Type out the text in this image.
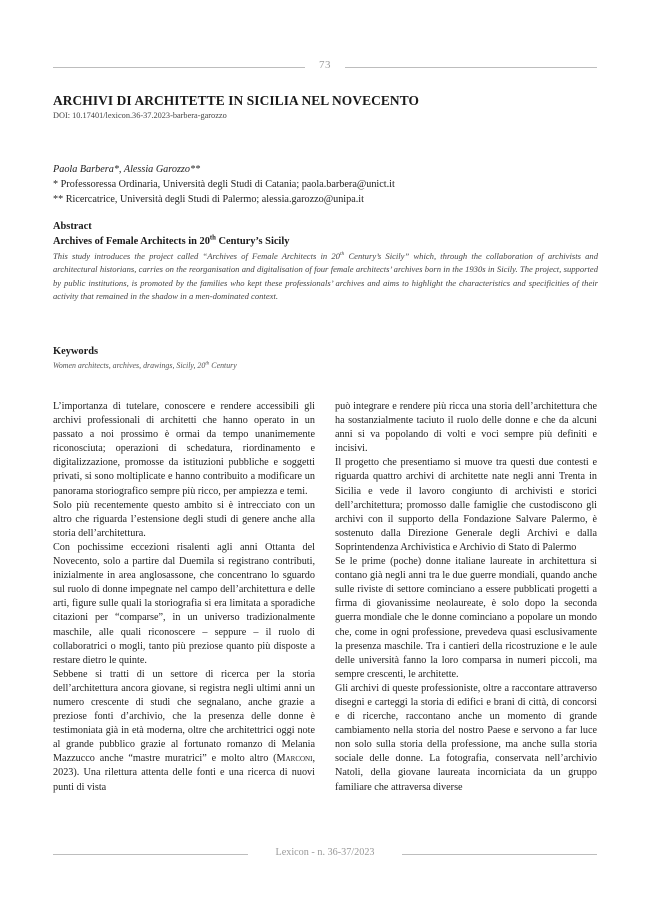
73
ARCHIVI DI ARCHITETTE IN SICILIA NEL NOVECENTO
DOI: 10.17401/lexicon.36-37.2023-barbera-garozzo
Paola Barbera*, Alessia Garozzo**
* Professoressa Ordinaria, Università degli Studi di Catania; paola.barbera@unict.it
** Ricercatrice, Università degli Studi di Palermo; alessia.garozzo@unipa.it
Abstract
Archives of Female Architects in 20th Century’s Sicily
This study introduces the project called “Archives of Female Architects in 20th Century’s Sicily” which, through the collaboration of archivists and architectural historians, carries on the reorganisation and digitalisation of four female architects’ archives born in the 1930s in Sicily. The project, supported by public institutions, is promoted by the families who kept these professionals’ archives and aims to highlight the characteristics and specificities of their activity that remained in the shadow in a men-dominated context.
Keywords
Women architects, archives, drawings, Sicily, 20th Century

L’importanza di tutelare, conoscere e rendere accessibili gli archivi professionali di architetti che hanno operato in un passato a noi prossimo è ormai da tempo unanimemente riconosciuta; operazioni di schedatura, riordinamento e digitalizzazione, promosse da istituzioni pubbliche e soggetti privati, si sono moltiplicate e hanno contribuito a modificare un panorama storiografico sempre più ricco, per ampiezza e temi.

Solo più recentemente questo ambito si è intrecciato con un altro che riguarda l’estensione degli studi di genere anche alla storia dell’architettura.

Con pochissime eccezioni risalenti agli anni Ottanta del Novecento, solo a partire dal Duemila si registrano contributi, inizialmente in area anglosassone, che concentrano lo sguardo sul ruolo di donne impegnate nel campo dell’architettura e delle arti, figure sulle quali la storiografia si era limitata a sporadiche citazioni per “comparse”, in un universo tradizionalmente maschile, alle quali riconoscere – seppure – il ruolo di collaboratrici o mogli, tanto più preziose quanto più disposte a restare dietro le quinte.

Sebbene si tratti di un settore di ricerca per la storia dell’architettura ancora giovane, si registra negli ultimi anni un numero crescente di studi che segnalano, anche grazie a preziose fonti d’archivio, che la presenza delle donne è testimoniata già in età moderna, oltre che architettrici oggi note al grande pubblico grazie al fortunato romanzo di Melania Mazzucco anche “mastre muratrici” e molto altro (Marconi, 2023). Una rilettura attenta delle fonti e una ricerca di nuovi punti di vista

può integrare e rendere più ricca una storia dell’architettura che ha sostanzialmente taciuto il ruolo delle donne e che da alcuni anni si va popolando di volti e voci sempre più definiti e incisivi.

Il progetto che presentiamo si muove tra questi due contesti e riguarda quattro archivi di architette nate negli anni Trenta in Sicilia e vede il lavoro congiunto di archivisti e storici dell’architettura; promosso dalle famiglie che custodiscono gli archivi con il supporto della Fondazione Salvare Palermo, è sostenuto dalla Direzione Generale degli Archivi e dalla Soprintendenza Archivistica e Archivio di Stato di Palermo

Se le prime (poche) donne italiane laureate in architettura si contano già negli anni tra le due guerre mondiali, quando anche sulle riviste di settore cominciano a essere pubblicati progetti a firma di giovanissime neolaureate, è solo dopo la seconda guerra mondiale che le donne cominciano a popolare un mondo che, come in ogni professione, prevedeva quasi esclusivamente la presenza maschile. Tra i cantieri della ricostruzione e le aule delle università fanno la loro comparsa in numeri piccoli, ma sempre crescenti, le architette.

Gli archivi di queste professioniste, oltre a raccontare attraverso disegni e carteggi la storia di edifici e brani di città, di concorsi e di ricerche, raccontano anche un momento di grande cambiamento nella storia del nostro Paese e servono a far luce non solo sulla storia della professione, ma anche sulla storia sociale delle donne. La fotografia, conservata nell’archivio Natoli, della giovane laureata incorniciata da un gruppo familiare che attraversa diverse

Lexicon - n. 36-37/2023
